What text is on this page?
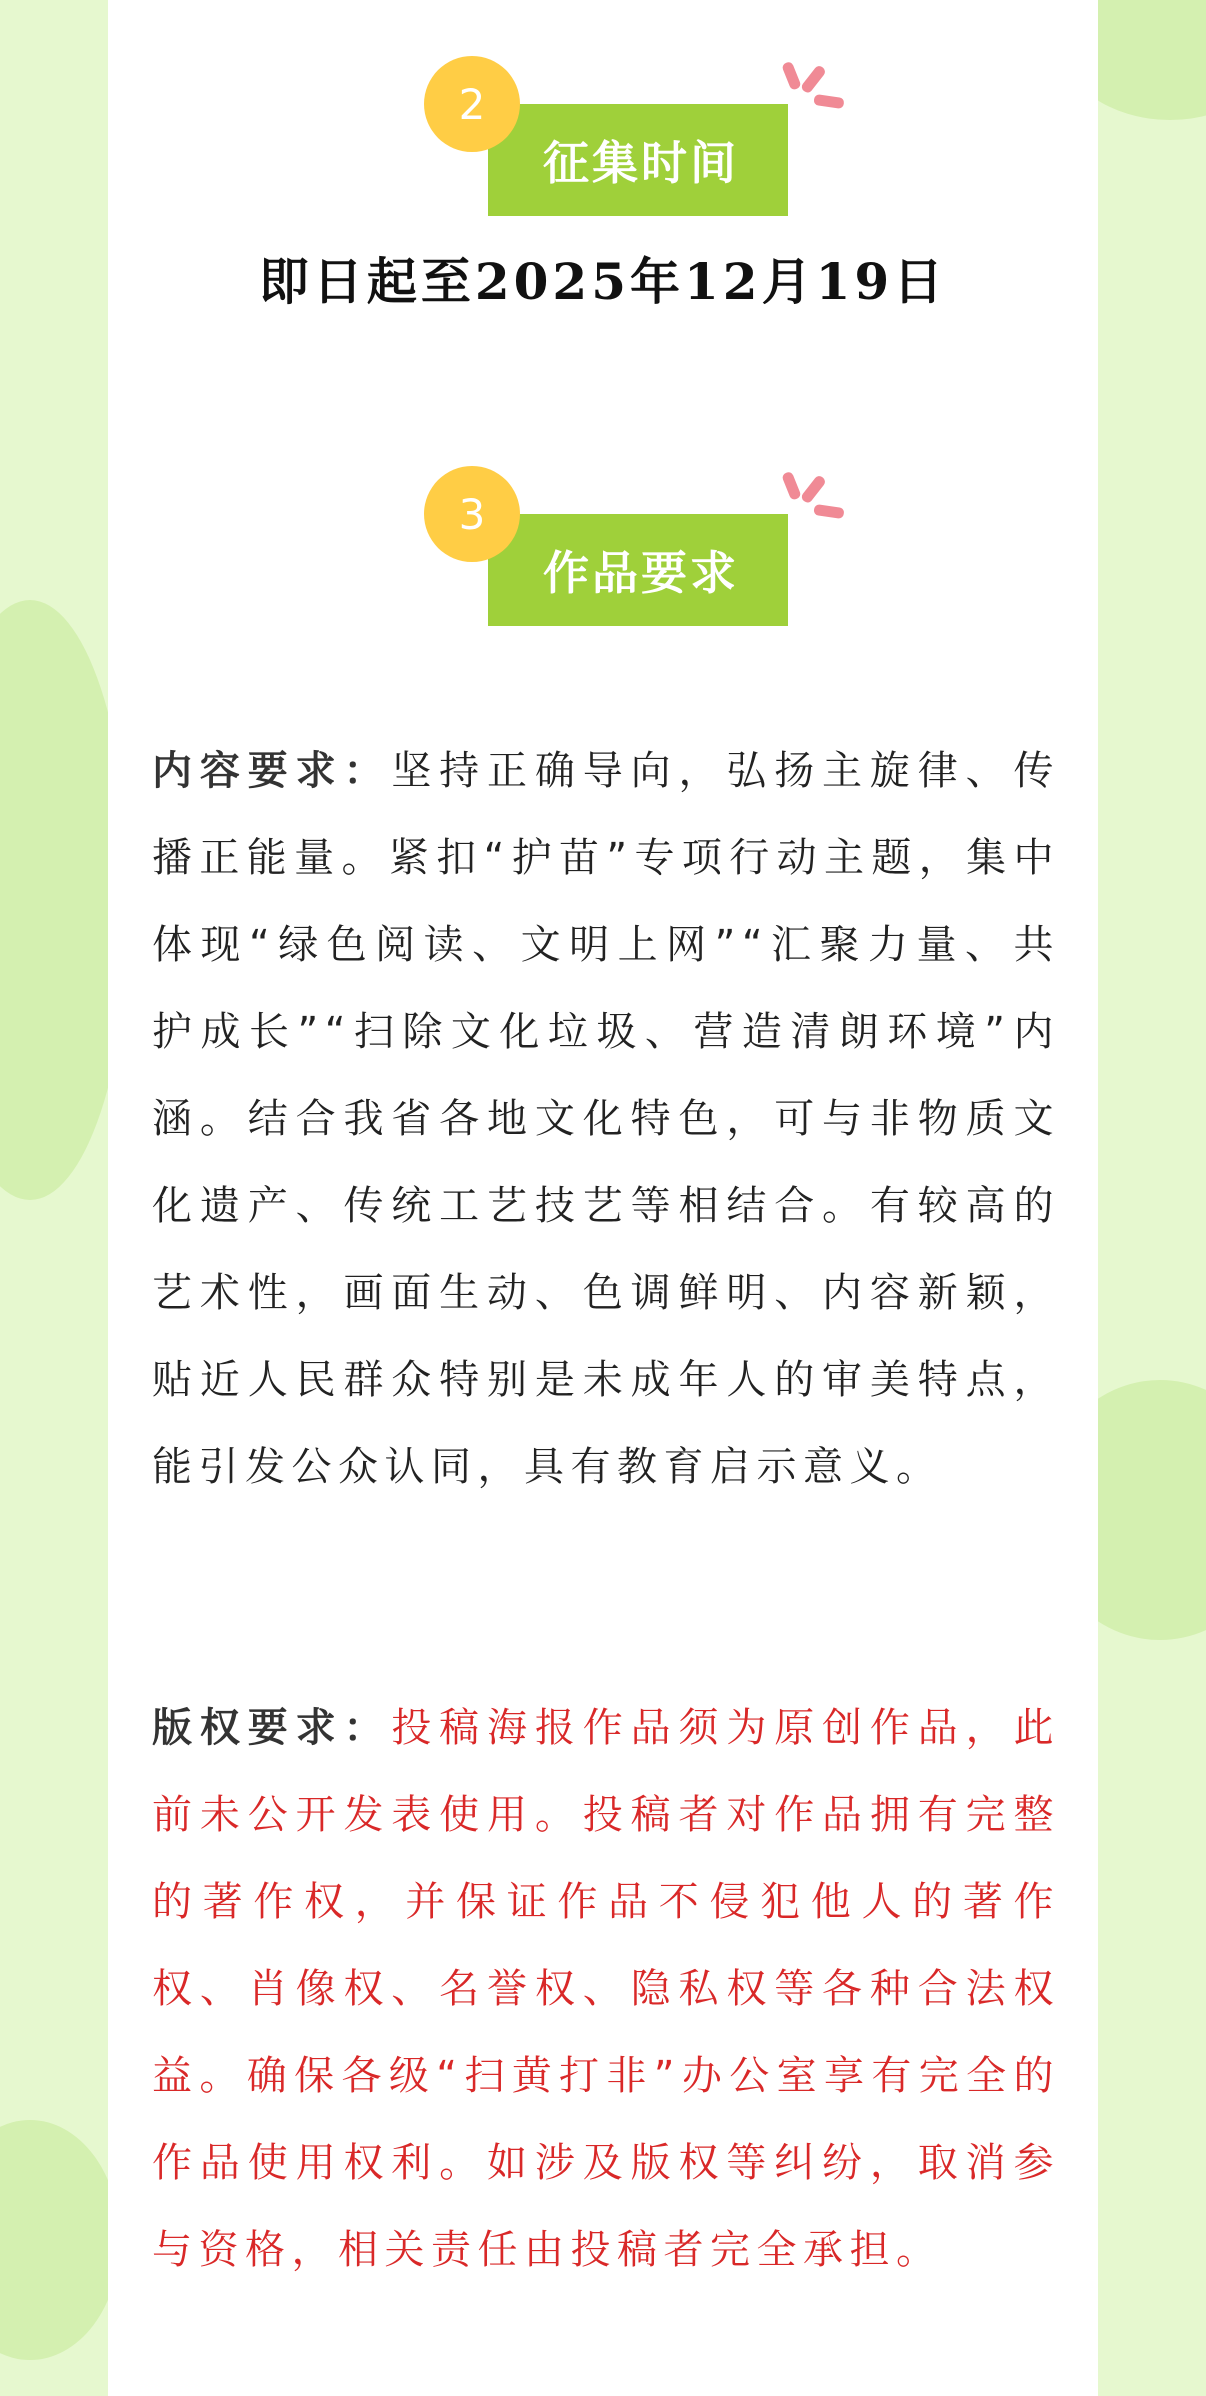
征集时间
2
即日起至2025年12月19日
作品要求
3

内容要求：坚持正确导向，弘扬主旋律、传播正能量。紧扣“护苗”专项行动主题，集中体现“绿色阅读、文明上网”“汇聚力量、共护成长”“扫除文化垃圾、营造清朗环境”内涵。结合我省各地文化特色，可与非物质文化遗产、传统工艺技艺等相结合。有较高的艺术性，画面生动、色调鲜明、内容新颖，贴近人民群众特别是未成年人的审美特点，能引发公众认同，具有教育启示意义。

版权要求：投稿海报作品须为原创作品，此前未公开发表使用。投稿者对作品拥有完整的著作权，并保证作品不侵犯他人的著作权、肖像权、名誉权、隐私权等各种合法权益。确保各级“扫黄打非”办公室享有完全的作品使用权利。如涉及版权等纠纷，取消参与资格，相关责任由投稿者完全承担。
